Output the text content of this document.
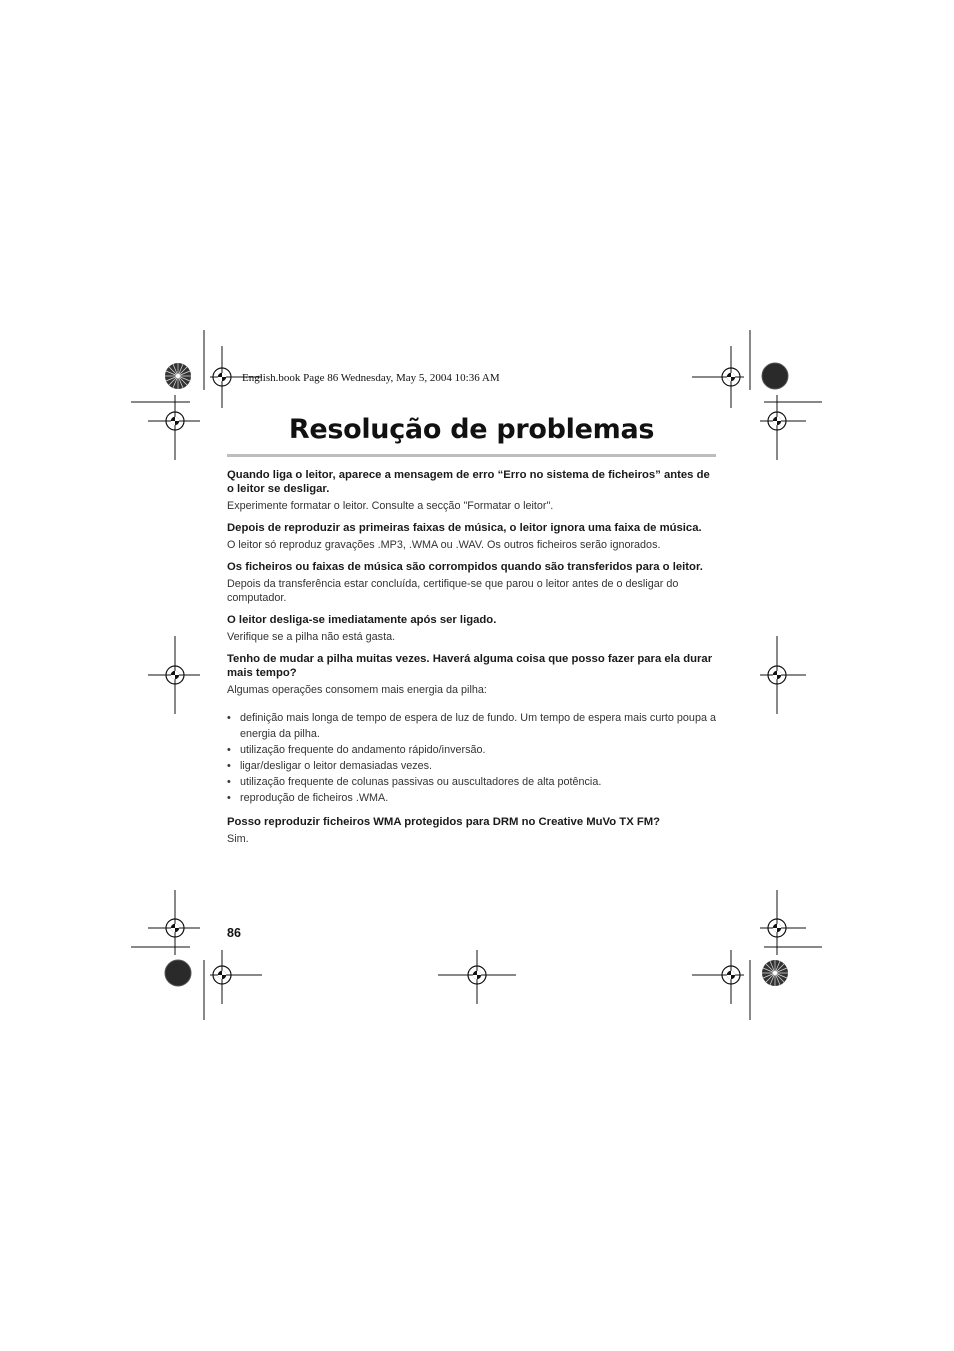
English.book Page 86 Wednesday, May 5, 2004 10:36 AM
Resolução de problemas

Quando liga o leitor, aparece a mensagem de erro “Erro no sistema de ficheiros” antes de o leitor se desligar.

Experimente formatar o leitor. Consulte a secção "Formatar o leitor".

Depois de reproduzir as primeiras faixas de música, o leitor ignora uma faixa de música.

O leitor só reproduz gravações .MP3, .WMA ou .WAV. Os outros ficheiros serão ignorados.

Os ficheiros ou faixas de música são corrompidos quando são transferidos para o leitor.

Depois da transferência estar concluída, certifique-se que parou o leitor antes de o desligar do computador.

O leitor desliga-se imediatamente após ser ligado.

Verifique se a pilha não está gasta.

Tenho de mudar a pilha muitas vezes. Haverá alguma coisa que posso fazer para ela durar mais tempo?

Algumas operações consomem mais energia da pilha:

• definição mais longa de tempo de espera de luz de fundo. Um tempo de espera mais curto poupa a energia da pilha.
• utilização frequente do andamento rápido/inversão.
• ligar/desligar o leitor demasiadas vezes.
• utilização frequente de colunas passivas ou auscultadores de alta potência.
• reprodução de ficheiros .WMA.

Posso reproduzir ficheiros WMA protegidos para DRM no Creative MuVo TX FM?

Sim.

86
